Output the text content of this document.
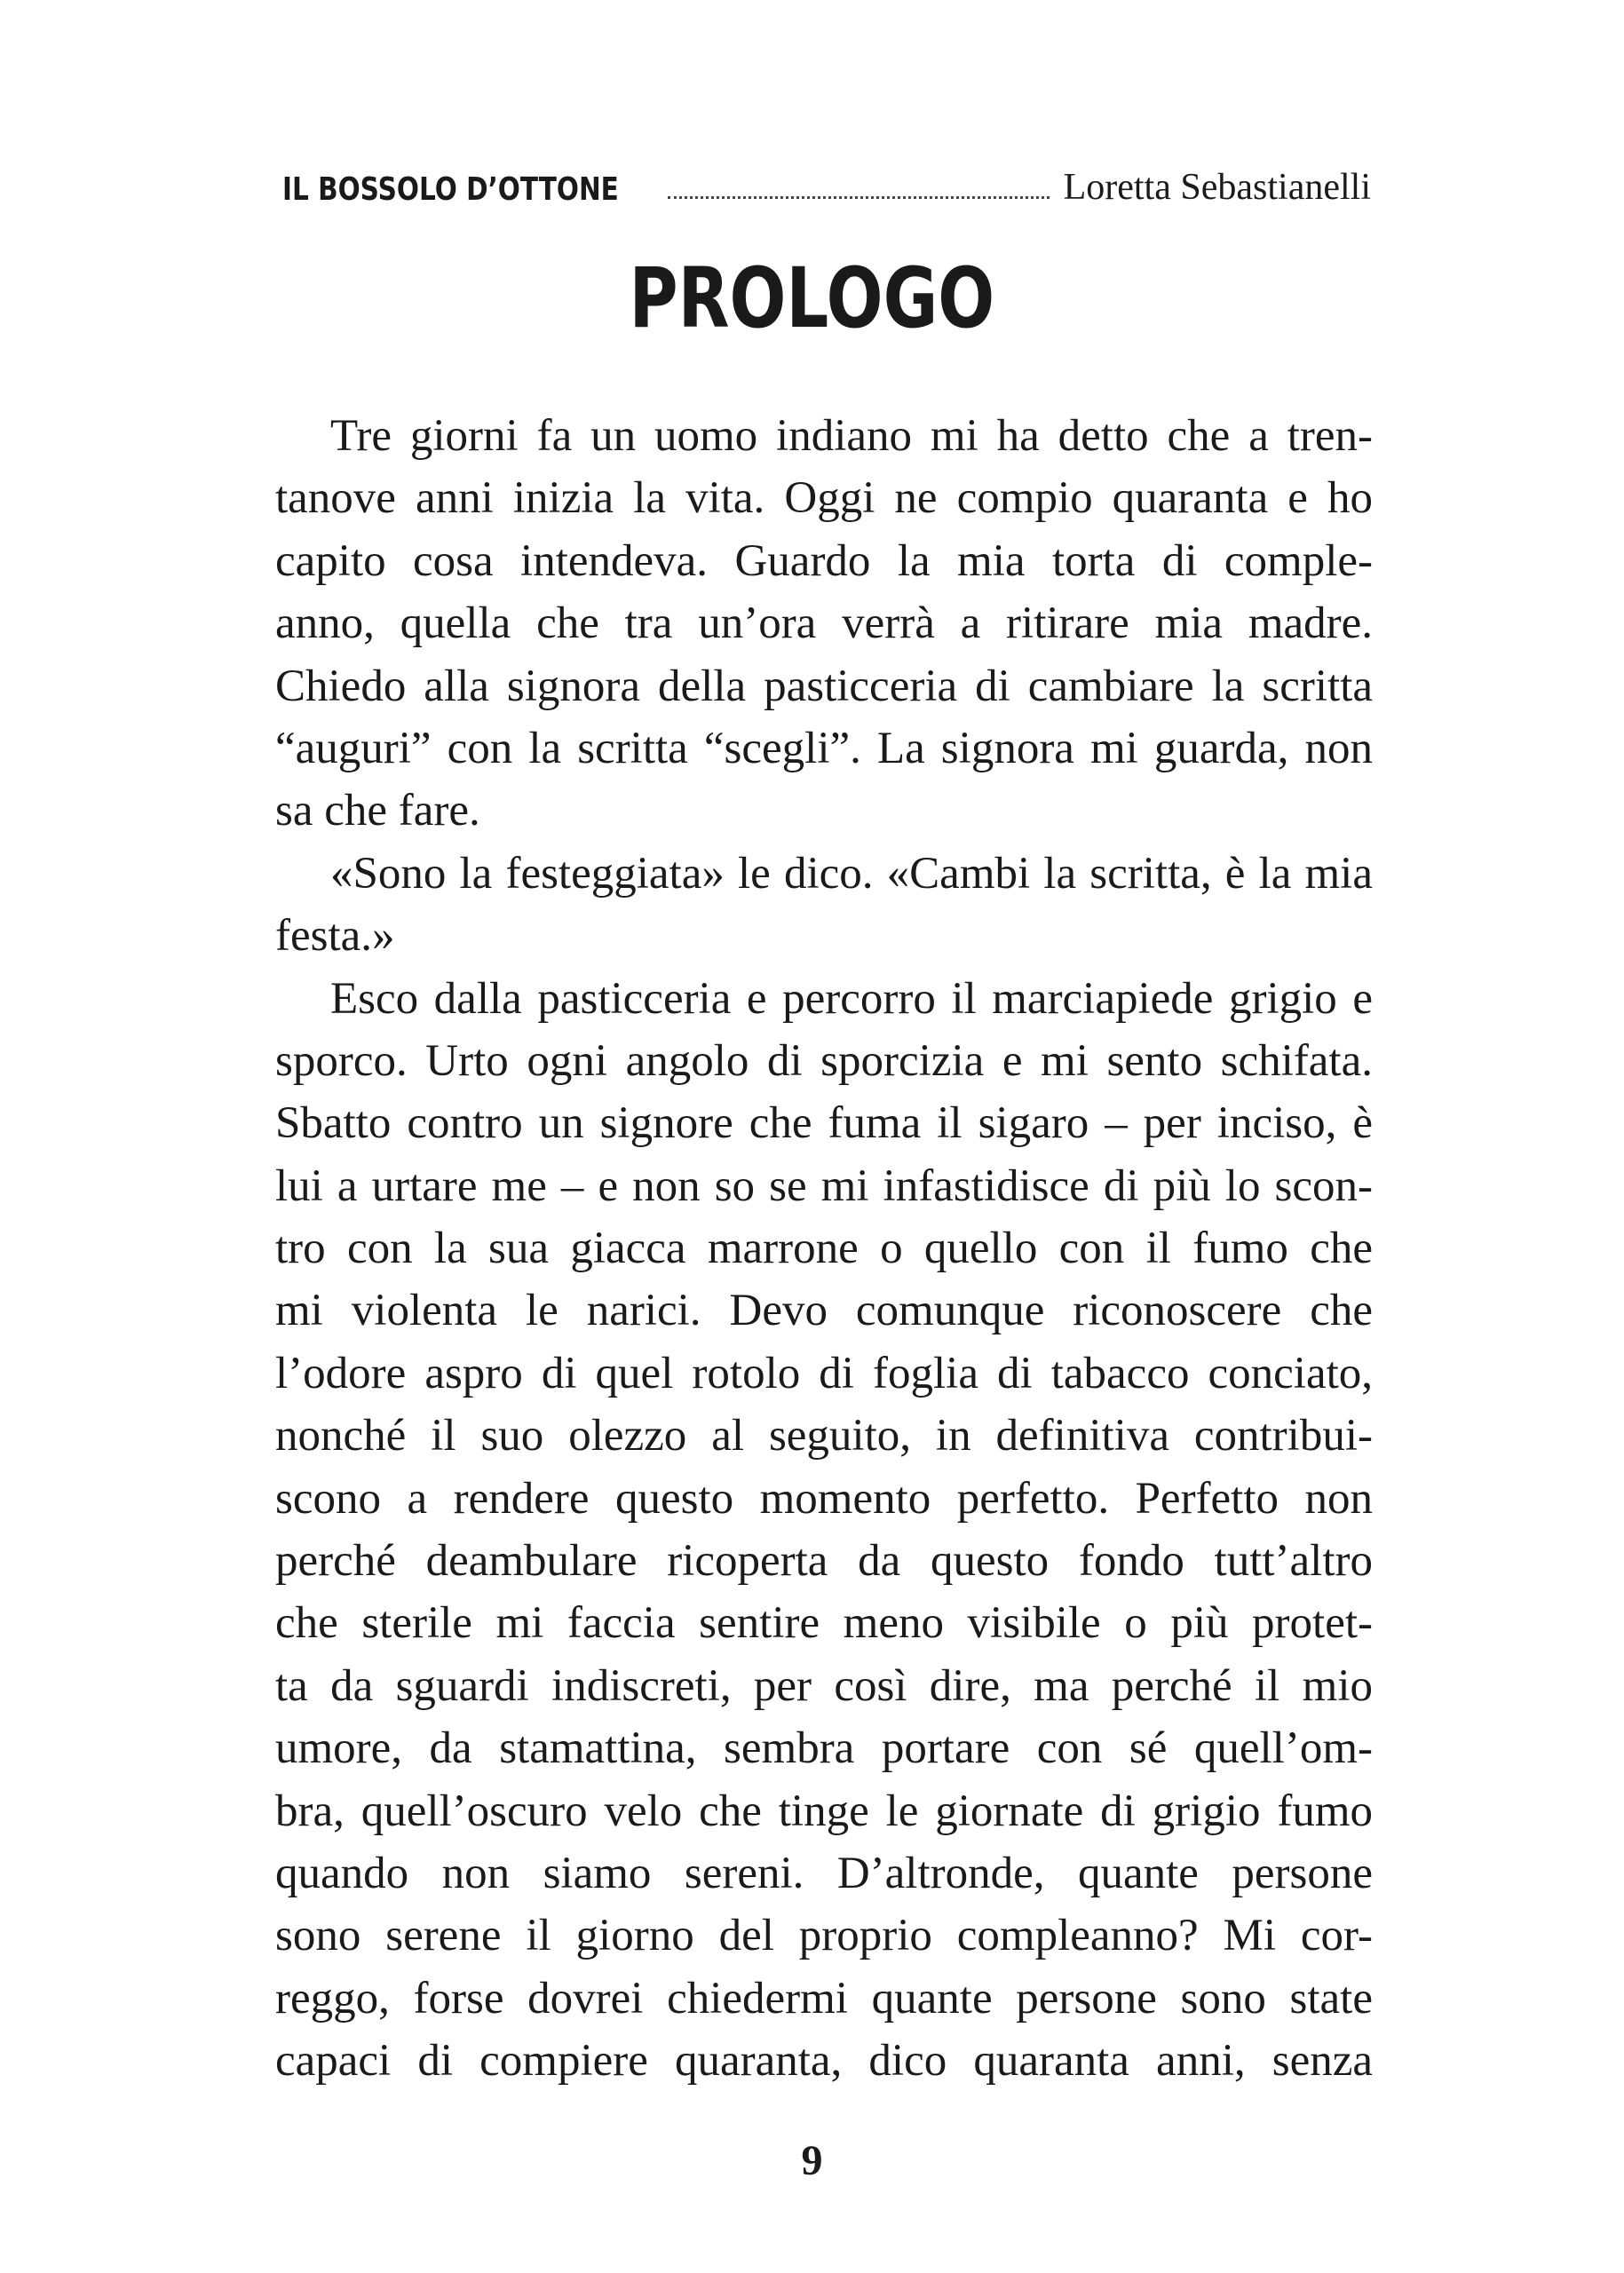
IL BOSSOLO D’OTTONE	Loretta Sebastianelli
PROLOGO
Tre giorni fa un uomo indiano mi ha detto che a tren-
tanove anni inizia la vita. Oggi ne compio quaranta e ho
capito cosa intendeva. Guardo la mia torta di comple-
anno, quella che tra un’ora verrà a ritirare mia madre.
Chiedo alla signora della pasticceria di cambiare la scritta
“auguri” con la scritta “scegli”. La signora mi guarda, non
sa che fare.
«Sono la festeggiata» le dico. «Cambi la scritta, è la mia
festa.»
Esco dalla pasticceria e percorro il marciapiede grigio e
sporco. Urto ogni angolo di sporcizia e mi sento schifata.
Sbatto contro un signore che fuma il sigaro – per inciso, è
lui a urtare me – e non so se mi infastidisce di più lo scon-
tro con la sua giacca marrone o quello con il fumo che
mi violenta le narici. Devo comunque riconoscere che
l’odore aspro di quel rotolo di foglia di tabacco conciato,
nonché il suo olezzo al seguito, in definitiva contribui-
scono a rendere questo momento perfetto. Perfetto non
perché deambulare ricoperta da questo fondo tutt’altro
che sterile mi faccia sentire meno visibile o più protet-
ta da sguardi indiscreti, per così dire, ma perché il mio
umore, da stamattina, sembra portare con sé quell’om-
bra, quell’oscuro velo che tinge le giornate di grigio fumo
quando non siamo sereni. D’altronde, quante persone
sono serene il giorno del proprio compleanno? Mi cor-
reggo, forse dovrei chiedermi quante persone sono state
capaci di compiere quaranta, dico quaranta anni, senza
9
